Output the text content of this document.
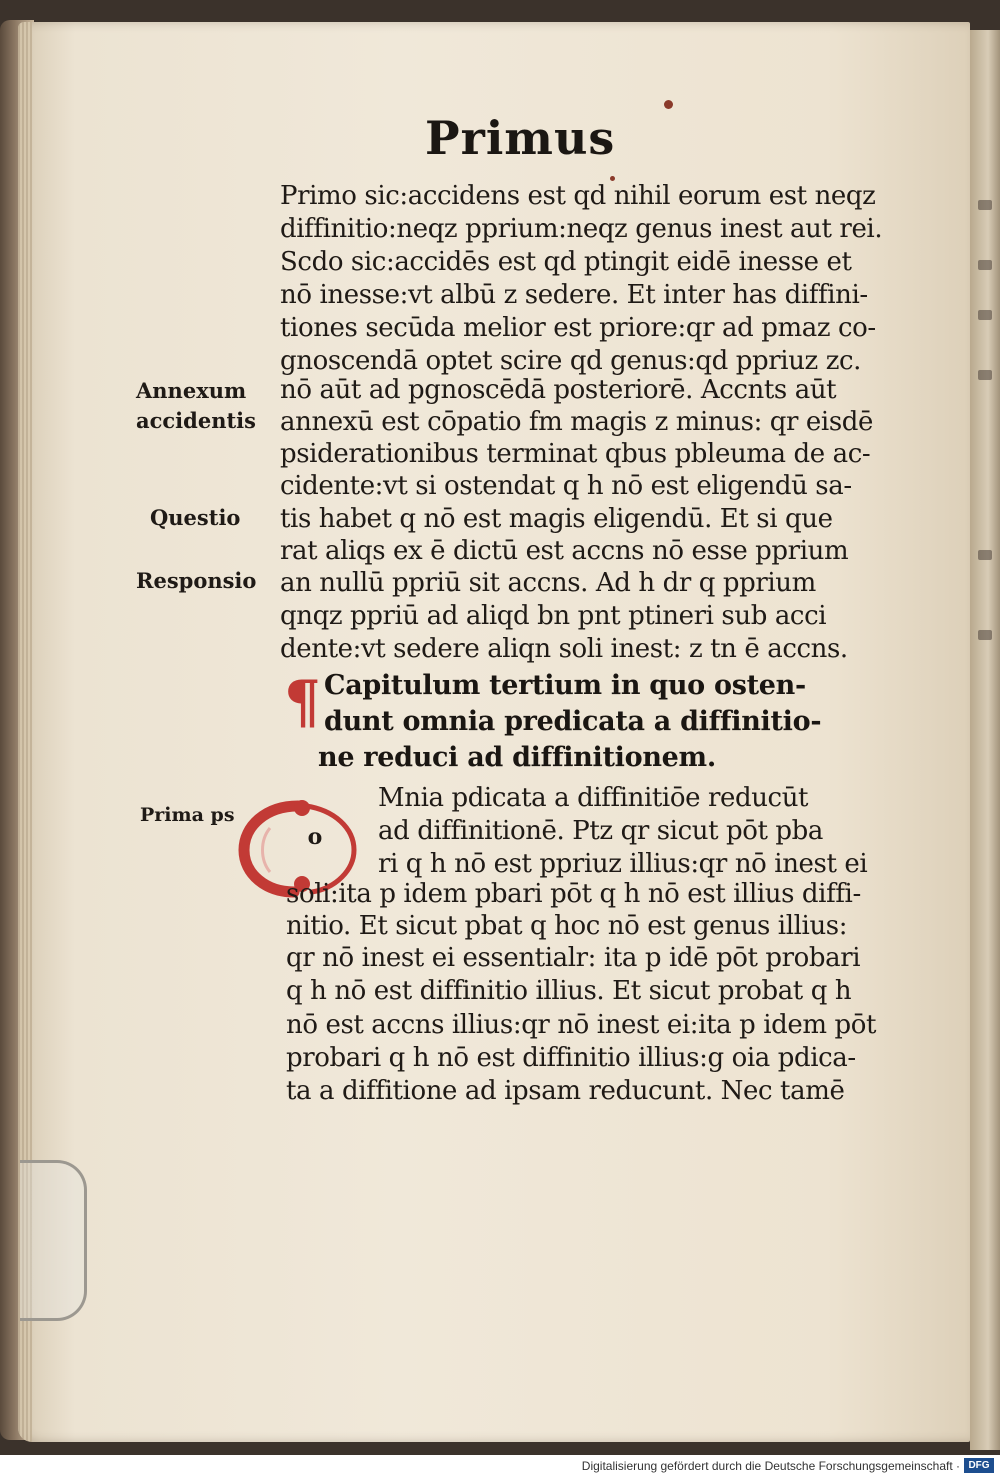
Primus
Annexum
accidentis
Questio
Responsio
Prima ps
Primo sic:accidens est qd nihil eorum est neqz
diffinitio:neqz pprium:neqz genus inest aut rei.
Scdo sic:accidēs est qd ptingit eidē inesse et
nō inesse:vt albū z sedere. Et inter has diffini-
tiones secūda melior est priore:qr ad pmaz co-
gnoscendā optet scire qd genus:qd ppriuz zc.
nō aūt ad pgnoscēdā posteriorē. Accnts aūt
annexū est cōpatio fm magis z minus: qr eisdē
psiderationibus terminat qbus pbleuma de ac-
cidente:vt si ostendat q h nō est eligendū sa-
tis habet q nō est magis eligendū. Et si que
rat aliqs ex ē dictū est accns nō esse pprium
an nullū ppriū sit accns. Ad h dr q pprium
qnqz ppriū ad aliqd bn pnt ptineri sub acci
dente:vt sedere aliqn soli inest: z tn ē accns.
¶ Capitulum tertium in quo osten-
dunt omnia predicata a diffinitio-
ne reduci ad diffinitionem.
o
Mnia pdicata a diffinitiōe reducūt
ad diffinitionē. Ptz qr sicut pōt pba
ri q h nō est ppriuz illius:qr nō inest ei
soli:ita p idem pbari pōt q h nō est illius diffi-
nitio. Et sicut pbat q hoc nō est genus illius:
qr nō inest ei essentialr: ita p idē pōt probari
q h nō est diffinitio illius. Et sicut probat q h
nō est accns illius:qr nō inest ei:ita p idem pōt
probari q h nō est diffinitio illius:g oia pdica-
ta a diffitione ad ipsam reducunt. Nec tamē
Digitalisierung gefördert durch die Deutsche Forschungsgemeinschaft · DFG
